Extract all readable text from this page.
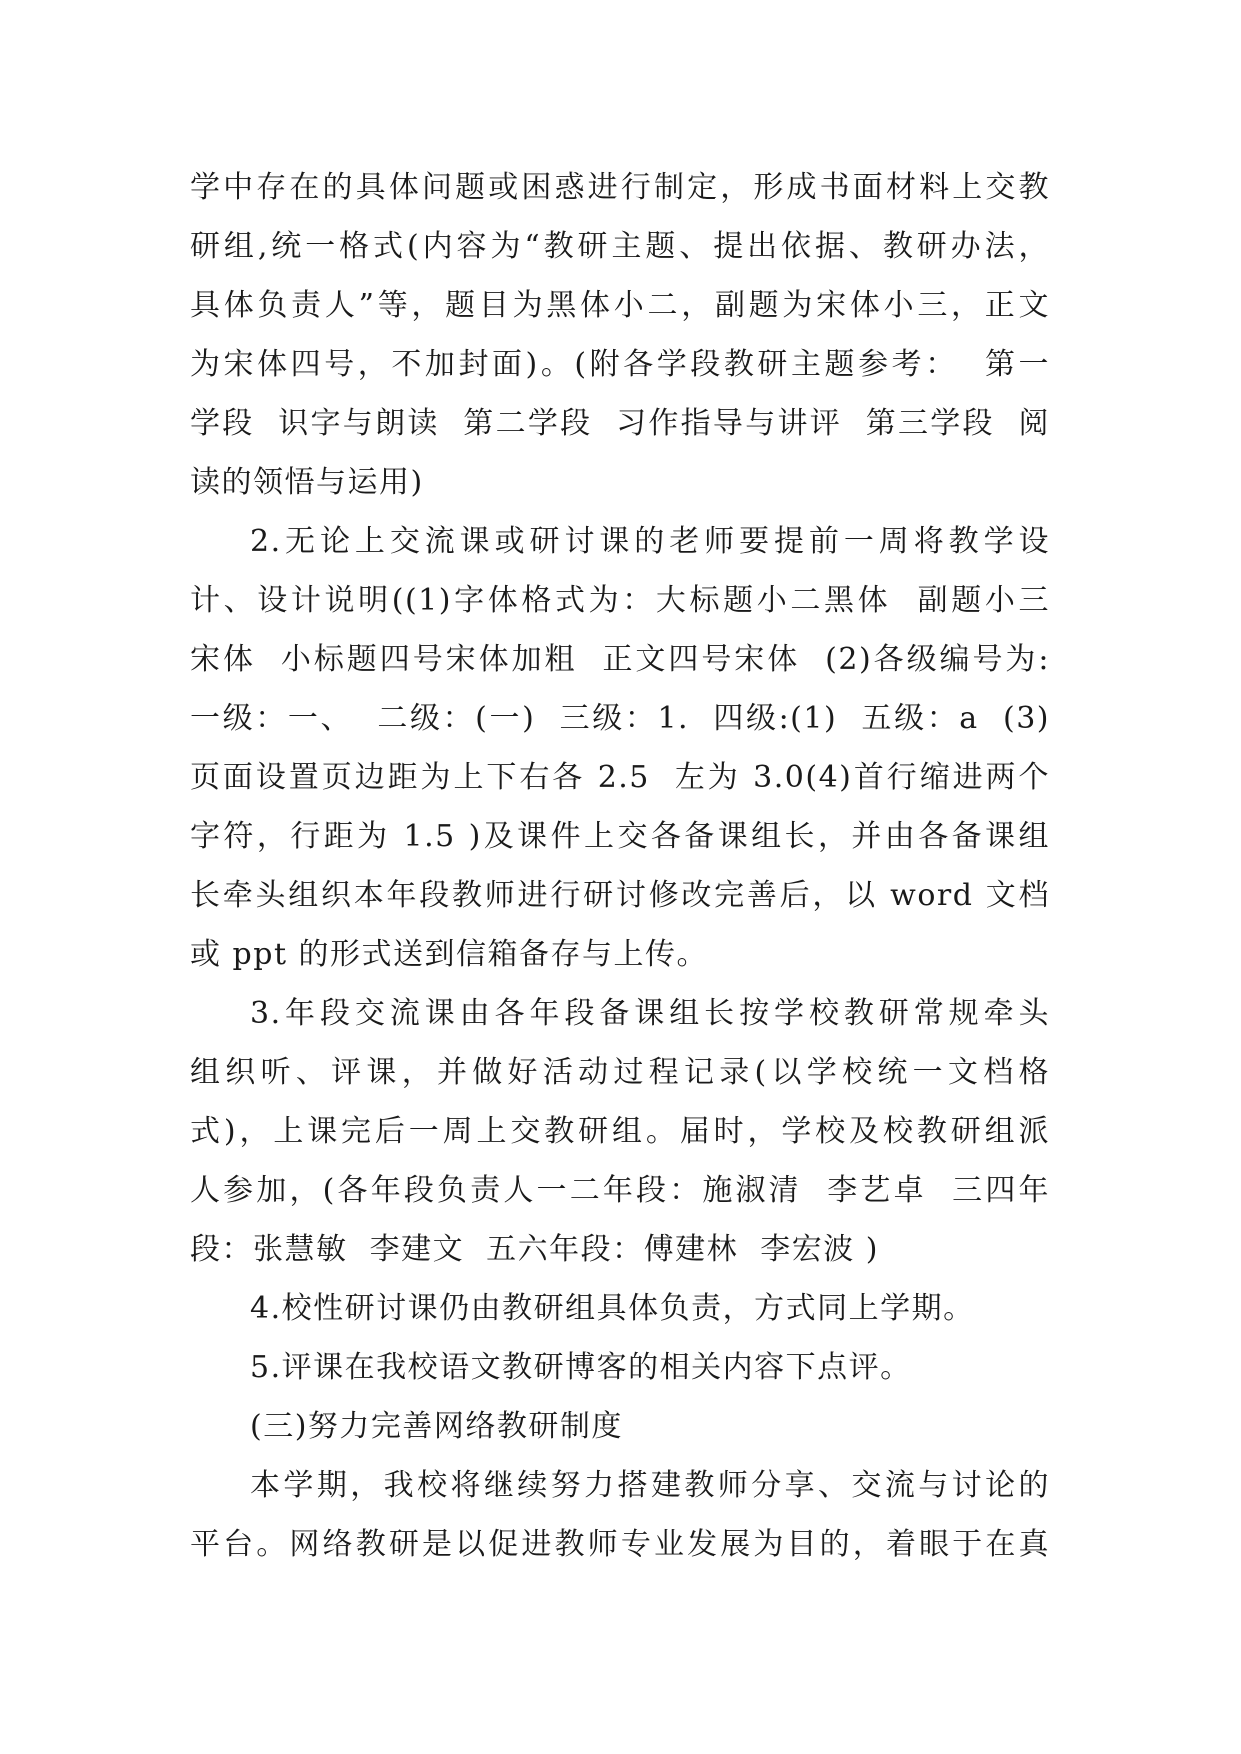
学中存在的具体问题或困惑进行制定，形成书面材料上交教
研组,统一格式(内容为“教研主题、提出依据、教研办法，
具体负责人”等，题目为黑体小二，副题为宋体小三，正文
为宋体四号，不加封面)。(附各学段教研主题参考：  第一
学段  识字与朗读  第二学段  习作指导与讲评  第三学段  阅
读的领悟与运用)
2.无论上交流课或研讨课的老师要提前一周将教学设
计、设计说明((1)字体格式为：大标题小二黑体  副题小三
宋体  小标题四号宋体加粗  正文四号宋体  (2)各级编号为:
一级：一、  二级：(一)  三级：1.  四级:(1)  五级：a  (3)
页面设置页边距为上下右各 2.5  左为 3.0(4)首行缩进两个
字符，行距为 1.5 )及课件上交各备课组长，并由各备课组
长牵头组织本年段教师进行研讨修改完善后，以 word 文档
或 ppt 的形式送到信箱备存与上传。
3.年段交流课由各年段备课组长按学校教研常规牵头
组织听、评课，并做好活动过程记录(以学校统一文档格
式)，上课完后一周上交教研组。届时，学校及校教研组派
人参加，(各年段负责人一二年段：施淑清  李艺卓  三四年
段：张慧敏  李建文  五六年段：傅建林  李宏波 )
4.校性研讨课仍由教研组具体负责，方式同上学期。
5.评课在我校语文教研博客的相关内容下点评。
(三)努力完善网络教研制度
本学期，我校将继续努力搭建教师分享、交流与讨论的
平台。网络教研是以促进教师专业发展为目的，着眼于在真
